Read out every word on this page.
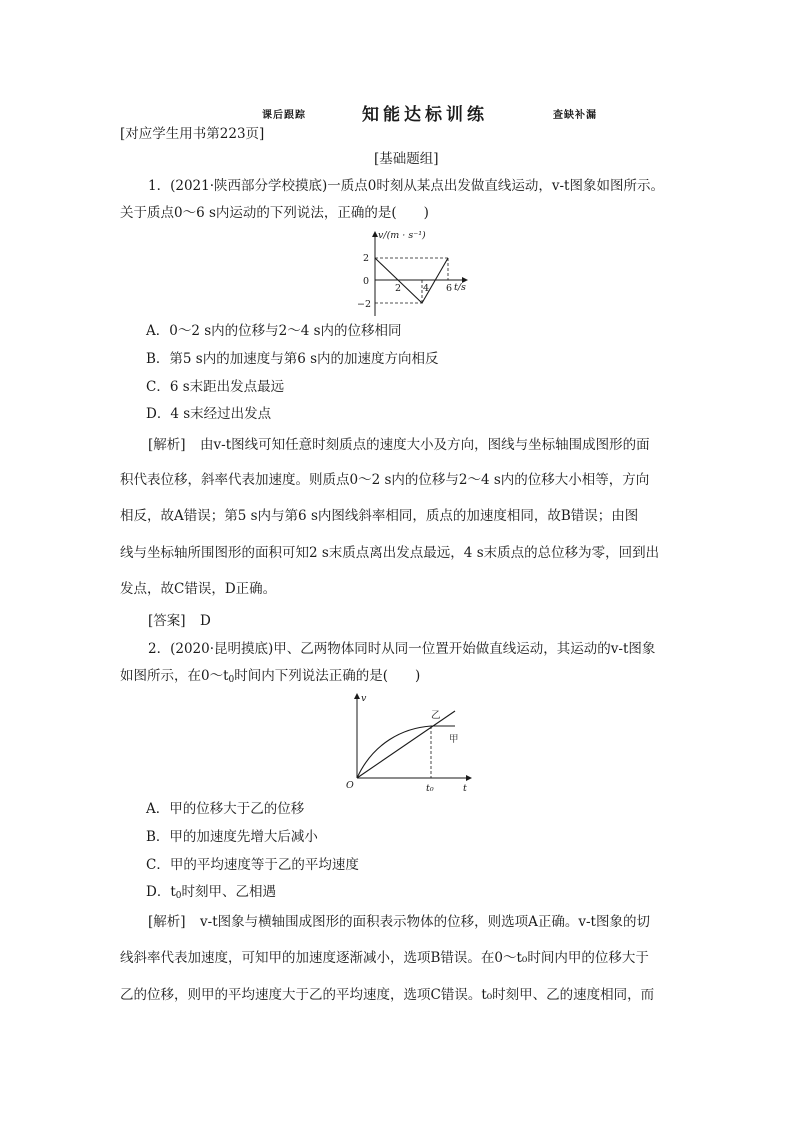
课后跟踪	知能达标训练	查缺补漏
[对应学生用书第223页]
[基础题组]
1．(2021·陕西部分学校摸底)一质点0时刻从某点出发做直线运动，v-t图象如图所示。
关于质点0～6 s内运动的下列说法，正确的是(　　)
v/(m · s⁻¹)
t/s
2
0
−2
2 4 6
A．0～2 s内的位移与2～4 s内的位移相同
B．第5 s内的加速度与第6 s内的加速度方向相反
C．6 s末距出发点最远
D．4 s末经过出发点
[解析] 由v-t图线可知任意时刻质点的速度大小及方向，图线与坐标轴围成图形的面
积代表位移，斜率代表加速度。则质点0～2 s内的位移与2～4 s内的位移大小相等，方向
相反，故A错误；第5 s内与第6 s内图线斜率相同，质点的加速度相同，故B错误；由图
线与坐标轴所围图形的面积可知2 s末质点离出发点最远，4 s末质点的总位移为零，回到出
发点，故C错误，D正确。
[答案] D
2．(2020·昆明摸底)甲、乙两物体同时从同一位置开始做直线运动，其运动的v-t图象
如图所示，在$0\sim t_0$时间内下列说法正确的是(　　)
v
t
O	t₀
乙
甲
A．甲的位移大于乙的位移
B．甲的加速度先增大后减小
C．甲的平均速度等于乙的平均速度
D．$t_0$时刻甲、乙相遇
[解析] v-t图象与横轴围成图形的面积表示物体的位移，则选项A正确。v-t图象的切
线斜率代表加速度，可知甲的加速度逐渐减小，选项B错误。在0～t₀时间内甲的位移大于
乙的位移，则甲的平均速度大于乙的平均速度，选项C错误。t₀时刻甲、乙的速度相同，而
